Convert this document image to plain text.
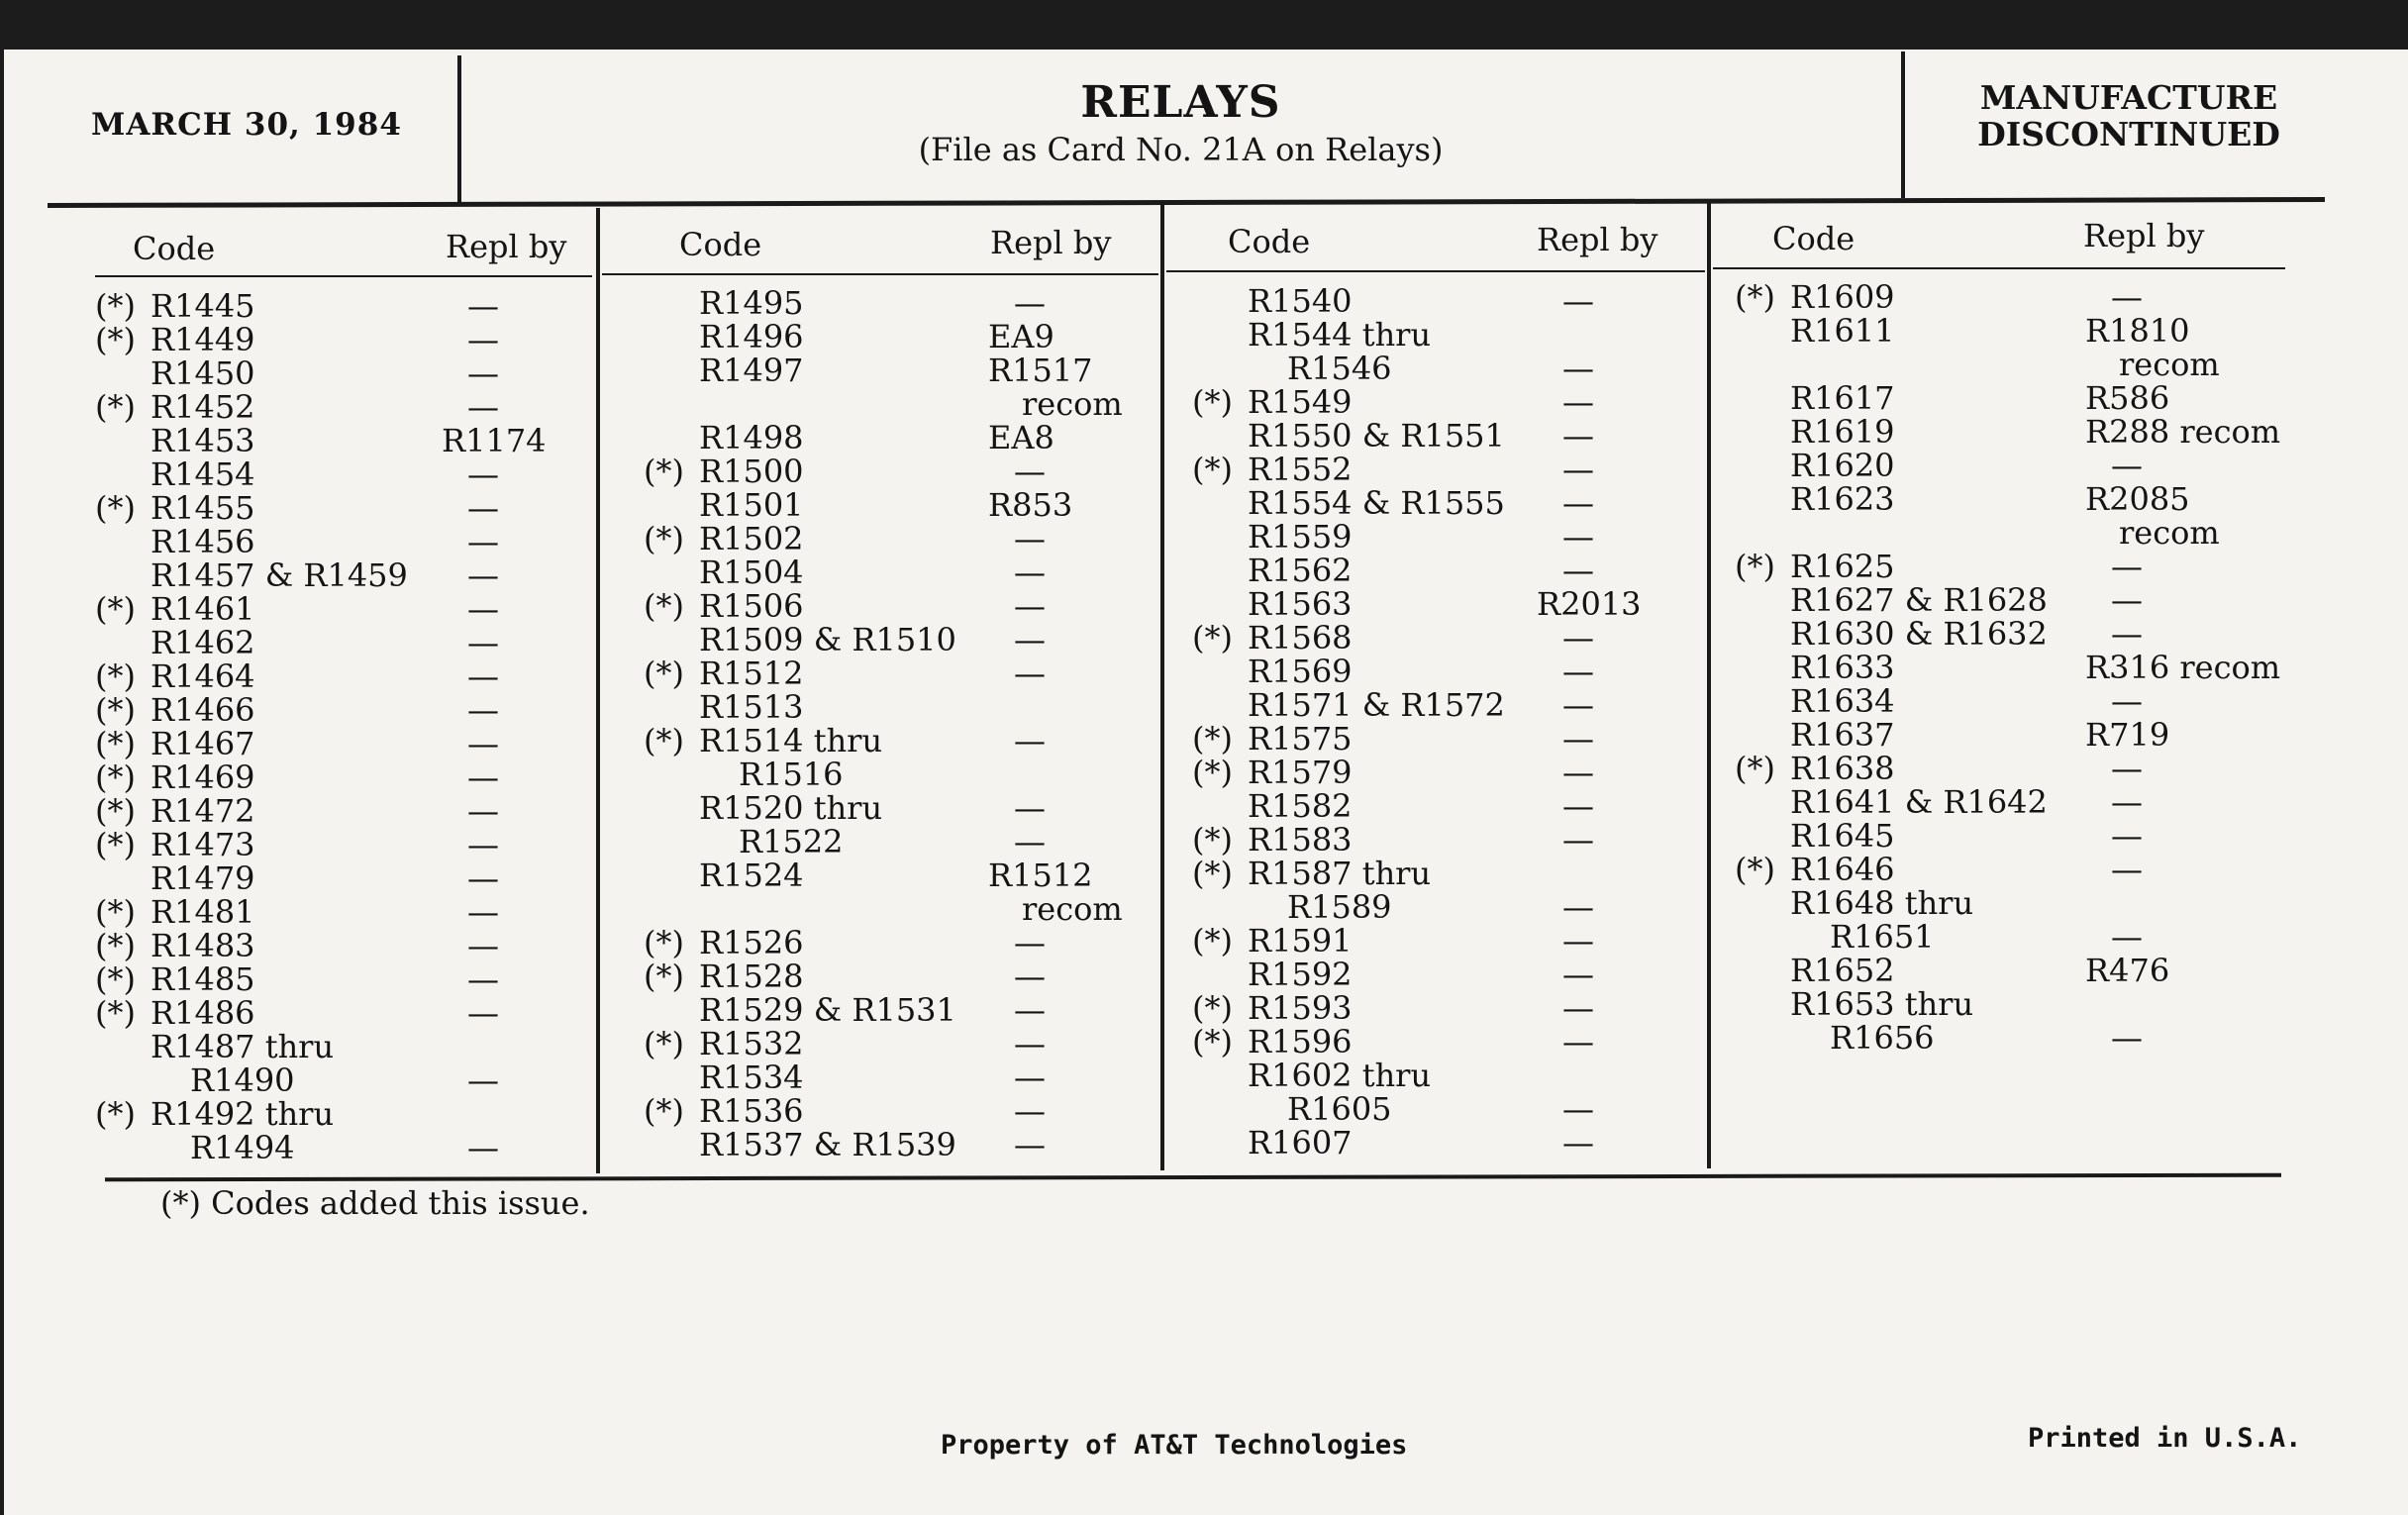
MARCH 30, 1984	RELAYS
(File as Card No. 21A on Relays)
MANUFACTURE
DISCONTINUED
Code	Repl by	Code	Repl by	Code	Repl by	Code	Repl by
(*) R1445	—
(*) R1449	—
R1450	—
(*) R1452	—
R1453	R1174
R1454	—
(*) R1455	—
R1456	—
R1457 & R1459 —
(*) R1461	—
R1462	—
(*) R1464	—
(*) R1466	—
(*) R1467	—
(*) R1469	—
(*) R1472	—
(*) R1473	—
R1479	—
(*) R1481	—
(*) R1483	—
(*) R1485	—
(*) R1486	—
R1487 thru
R1490	—
(*) R1492 thru
R1494	—
R1495	—
R1496	EA9
R1497	R1517
recom
R1498	EA8
(*) R1500	—
R1501	R853
(*) R1502	—
R1504	—
(*) R1506	—
R1509 & R1510 —
(*) R1512	—
R1513
(*) R1514 thru	—
R1516
R1520 thru	—
R1522	—
R1524	R1512
recom
(*) R1526	—
(*) R1528	—
R1529 & R1531 —
(*) R1532	—
R1534	—
(*) R1536	—
R1537 & R1539 —
R1540	—
R1544 thru
R1546	—
(*) R1549	—
R1550 & R1551 —
(*) R1552	—
R1554 & R1555 —
R1559	—
R1562	—
R1563	R2013
(*) R1568	—
R1569	—
R1571 & R1572 —
(*) R1575	—
(*) R1579	—
R1582	—
(*) R1583	—
(*) R1587 thru
R1589	—
(*) R1591	—
R1592	—
(*) R1593	—
(*) R1596	—
R1602 thru
R1605	—
R1607	—
(*) R1609	—
R1611	R1810
recom
R1617	R586
R1619	R288 recom
R1620	—
R1623	R2085
recom
(*) R1625	—
R1627 & R1628 —
R1630 & R1632 —
R1633	R316 recom
R1634	—
R1637	R719
(*) R1638	—
R1641 & R1642 —
R1645	—
(*) R1646	—
R1648 thru
R1651	—
R1652	R476
R1653 thru
R1656	—
(*) Codes added this issue.
Property of AT&T Technologies	Printed in U.S.A.
